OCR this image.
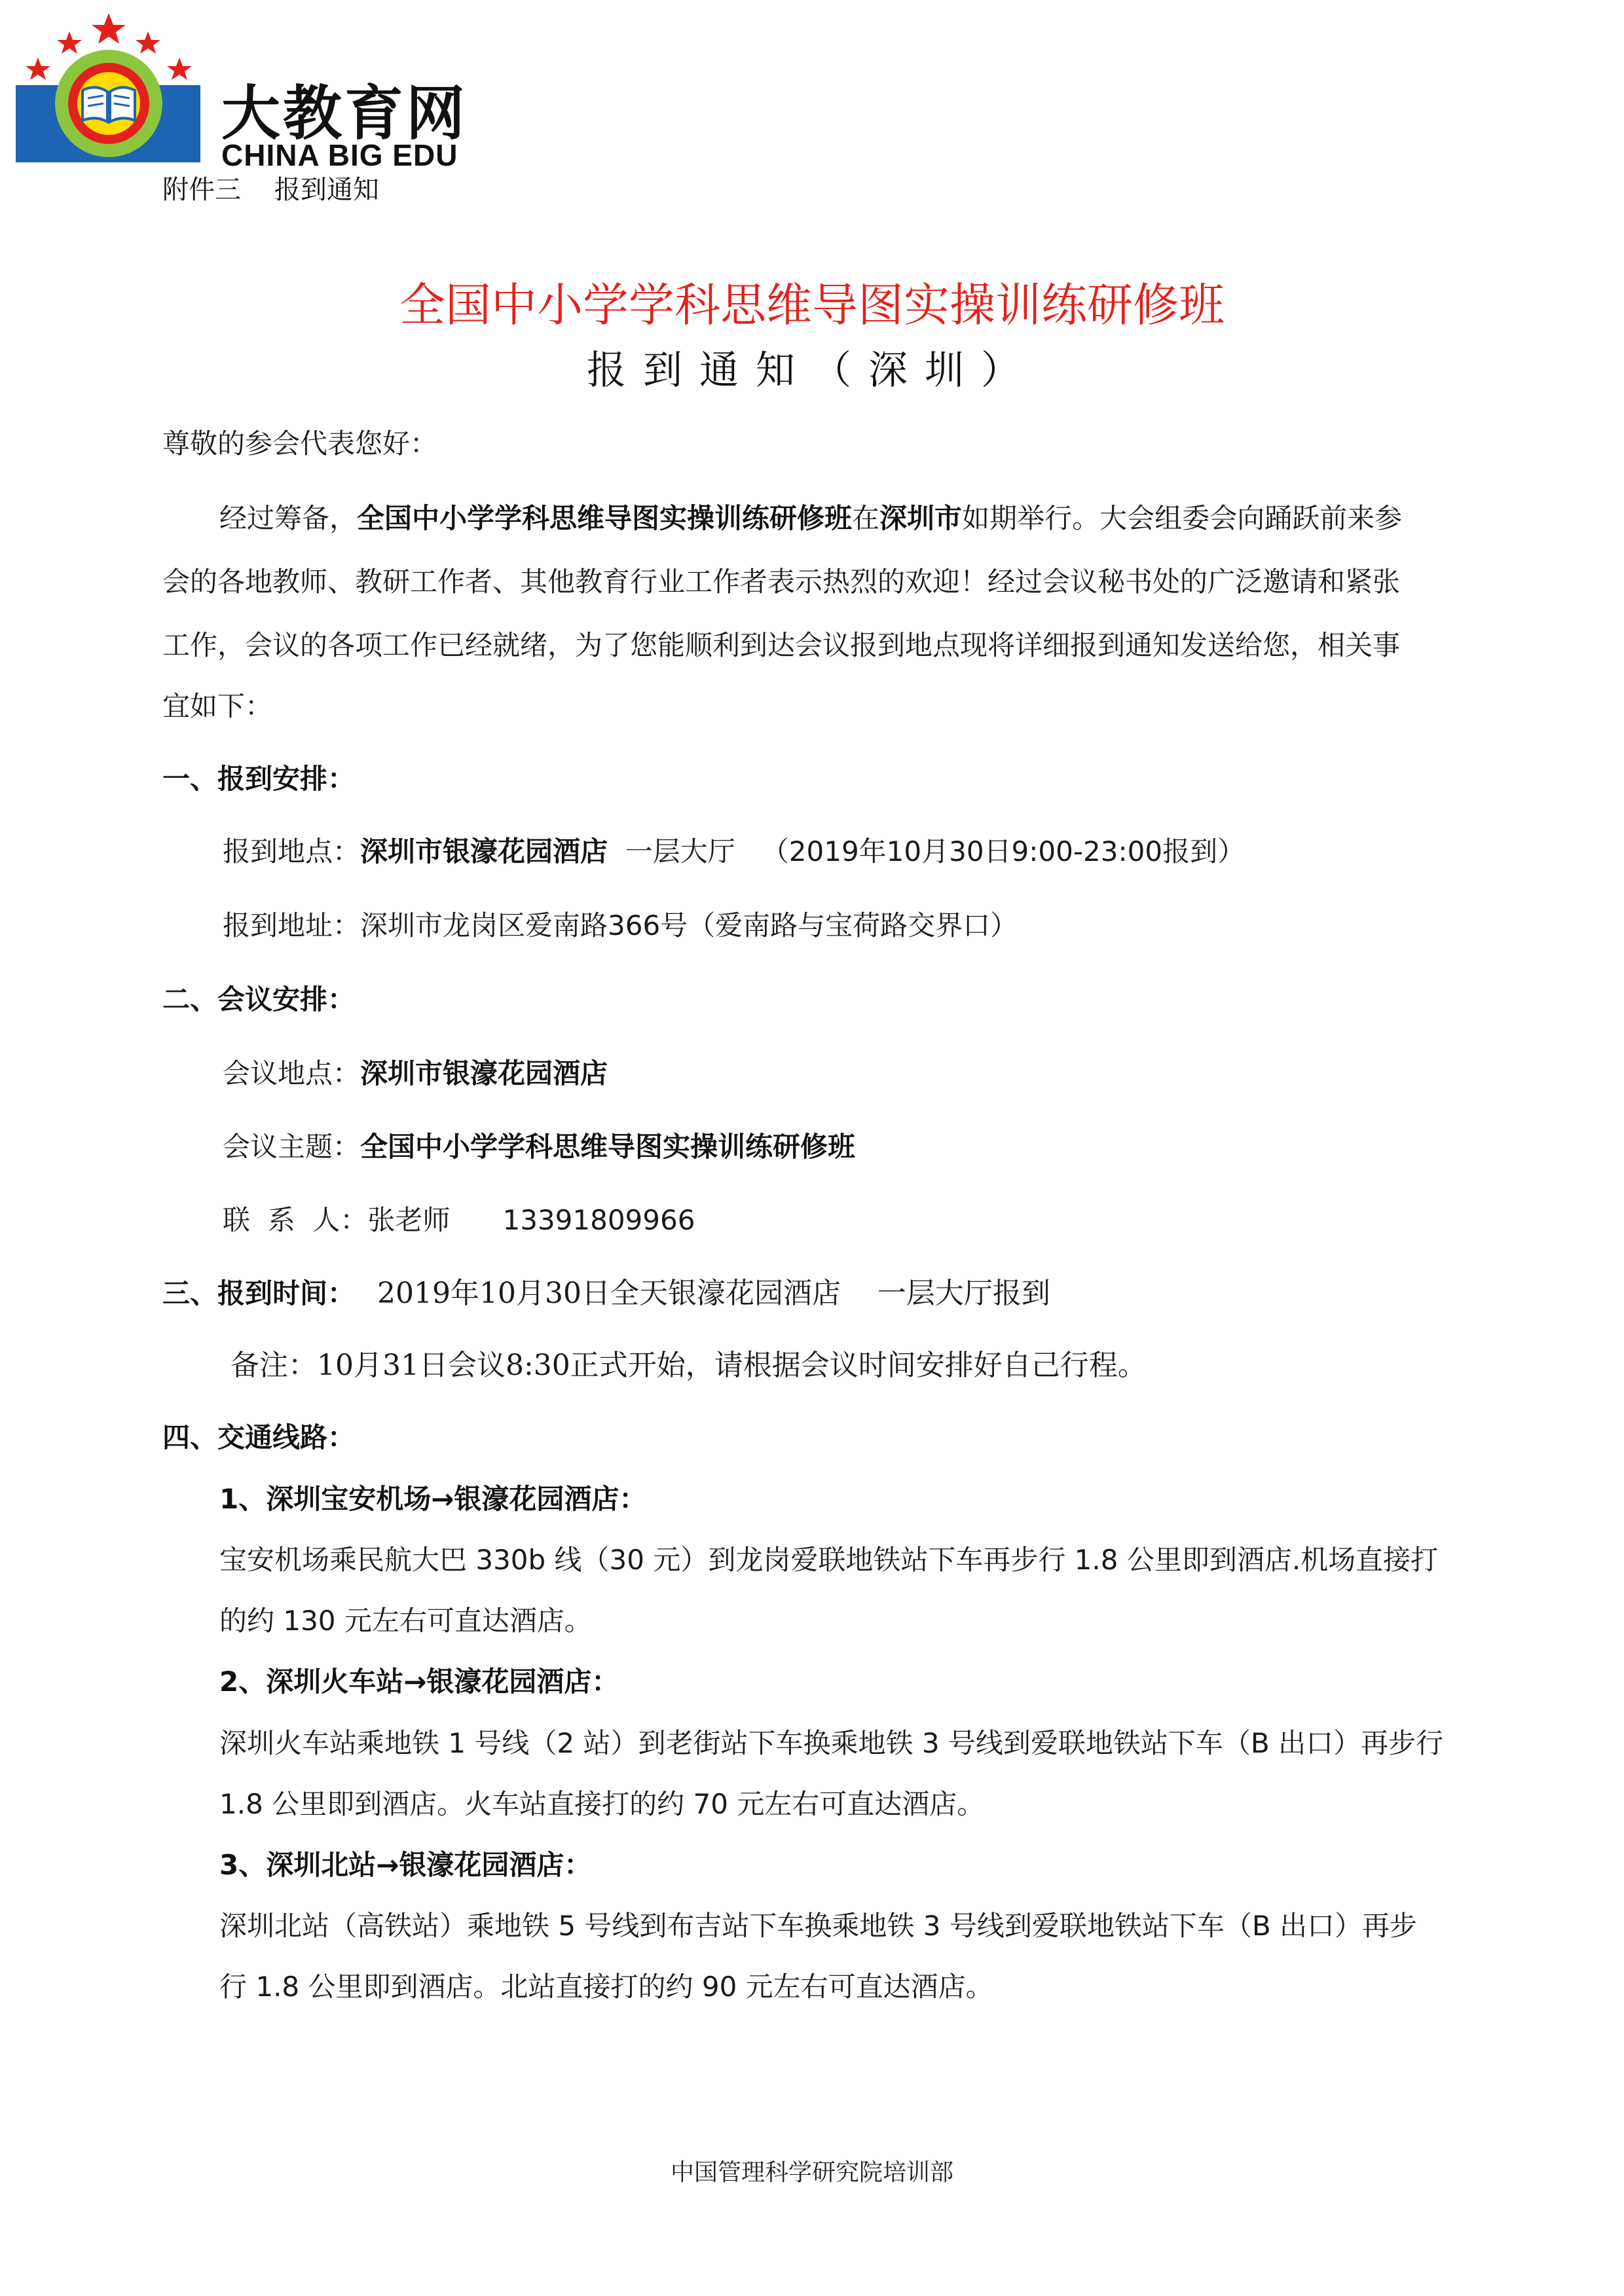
大教育网
CHINA BIG EDU
附件三    报到通知
全国中小学学科思维导图实操训练研修班
报到通知（深圳）
尊敬的参会代表您好：
经过筹备，全国中小学学科思维导图实操训练研修班在深圳市如期举行。大会组委会向踊跃前来参
会的各地教师、教研工作者、其他教育行业工作者表示热烈的欢迎！经过会议秘书处的广泛邀请和紧张
工作，会议的各项工作已经就绪，为了您能顺利到达会议报到地点现将详细报到通知发送给您，相关事
宜如下：
一、报到安排：
报到地点：深圳市银濠花园酒店  一层大厅   （2019年10月30日9:00-23:00报到）
报到地址：深圳市龙岗区爱南路366号（爱南路与宝荷路交界口）
二、会议安排：
会议地点：深圳市银濠花园酒店
会议主题：全国中小学学科思维导图实操训练研修班
联  系  人：张老师      13391809966
三、报到时间： 2019年10月30日全天银濠花园酒店    一层大厅报到
备注：10月31日会议8:30正式开始，请根据会议时间安排好自己行程。
四、交通线路：
1、深圳宝安机场→银濠花园酒店：
宝安机场乘民航大巴 330b 线（30 元）到龙岗爱联地铁站下车再步行 1.8 公里即到酒店.机场直接打
的约 130 元左右可直达酒店。
2、深圳火车站→银濠花园酒店：
深圳火车站乘地铁 1 号线（2 站）到老街站下车换乘地铁 3 号线到爱联地铁站下车（B 出口）再步行
1.8 公里即到酒店。火车站直接打的约 70 元左右可直达酒店。
3、深圳北站→银濠花园酒店：
深圳北站（高铁站）乘地铁 5 号线到布吉站下车换乘地铁 3 号线到爱联地铁站下车（B 出口）再步
行 1.8 公里即到酒店。北站直接打的约 90 元左右可直达酒店。
中国管理科学研究院培训部
